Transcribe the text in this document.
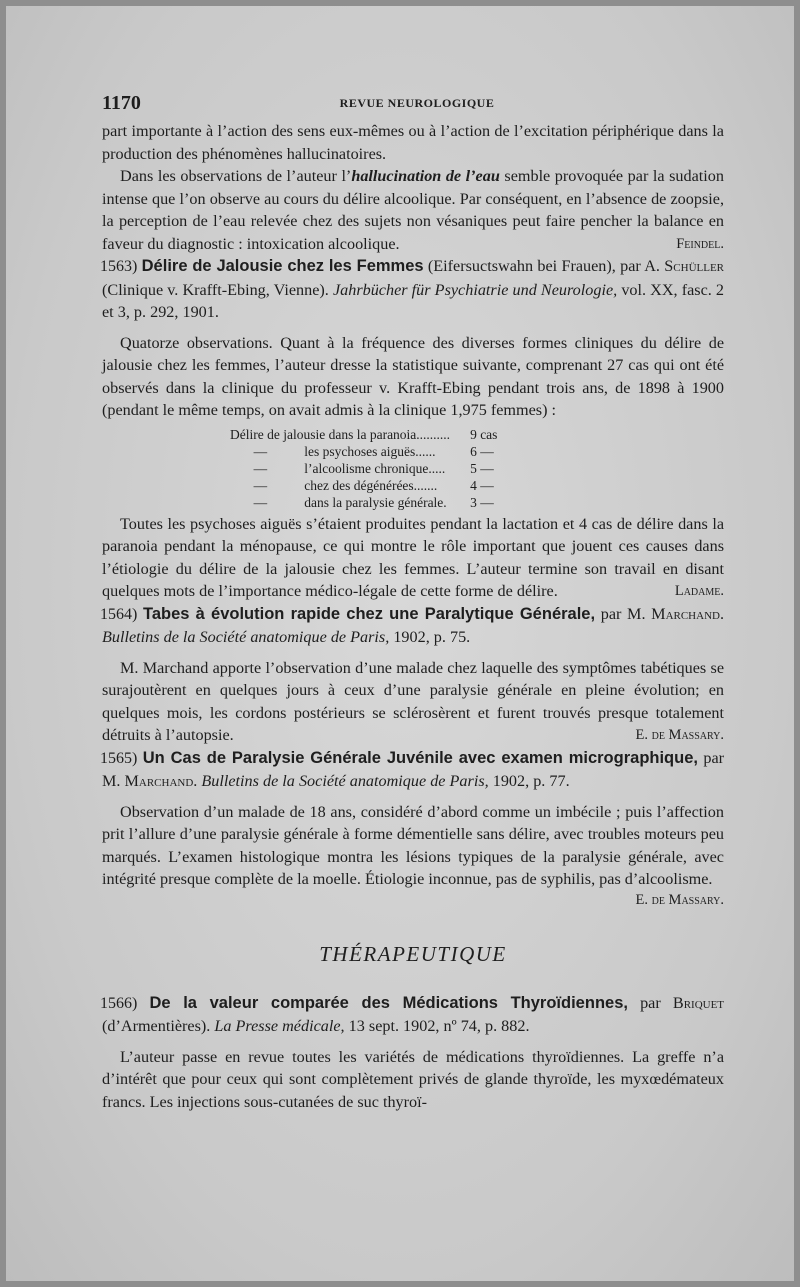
1170	REVUE NEUROLOGIQUE

part importante à l’action des sens eux-mêmes ou à l’action de l’excitation périphérique dans la production des phénomènes hallucinatoires.

Dans les observations de l’auteur l’hallucination de l’eau semble provoquée par la sudation intense que l’on observe au cours du délire alcoolique. Par conséquent, en l’absence de zoopsie, la perception de l’eau relevée chez des sujets non vésaniques peut faire pencher la balance en faveur du diagnostic : intoxication alcoolique.	Feindel.

1563) Délire de Jalousie chez les Femmes (Eifersuctswahn bei Frauen), par A. Schüller (Clinique v. Krafft-Ebing, Vienne). Jahrbücher für Psychiatrie und Neurologie, vol. XX, fasc. 2 et 3, p. 292, 1901.

Quatorze observations. Quant à la fréquence des diverses formes cliniques du délire de jalousie chez les femmes, l’auteur dresse la statistique suivante, comprenant 27 cas qui ont été observés dans la clinique du professeur v. Krafft-Ebing pendant trois ans, de 1898 à 1900 (pendant le même temps, on avait admis à la clinique 1,975 femmes) :

Délire de jalousie dans la paranoia..........	9 cas
—           les psychoses aiguës......	6 —
—           l’alcoolisme chronique.....	5 —
—           chez des dégénérées.......	4 —
—           dans la paralysie générale.	3 —

Toutes les psychoses aiguës s’étaient produites pendant la lactation et 4 cas de délire dans la paranoia pendant la ménopause, ce qui montre le rôle important que jouent ces causes dans l’étiologie du délire de la jalousie chez les femmes. L’auteur termine son travail en disant quelques mots de l’importance médico-légale de cette forme de délire.	Ladame.

1564) Tabes à évolution rapide chez une Paralytique Générale, par M. Marchand. Bulletins de la Société anatomique de Paris, 1902, p. 75.

M. Marchand apporte l’observation d’une malade chez laquelle des symptômes tabétiques se surajoutèrent en quelques jours à ceux d’une paralysie générale en pleine évolution; en quelques mois, les cordons postérieurs se sclérosèrent et furent trouvés presque totalement détruits à l’autopsie.	E. de Massary.

1565) Un Cas de Paralysie Générale Juvénile avec examen micrographique, par M. Marchand. Bulletins de la Société anatomique de Paris, 1902, p. 77.

Observation d’un malade de 18 ans, considéré d’abord comme un imbécile ; puis l’affection prit l’allure d’une paralysie générale à forme démentielle sans délire, avec troubles moteurs peu marqués. L’examen histologique montra les lésions typiques de la paralysie générale, avec intégrité presque complète de la moelle. Étiologie inconnue, pas de syphilis, pas d’alcoolisme.

E. de Massary.
THÉRAPEUTIQUE

1566) De la valeur comparée des Médications Thyroïdiennes, par Briquet (d’Armentières). La Presse médicale, 13 sept. 1902, nº 74, p. 882.

L’auteur passe en revue toutes les variétés de médications thyroïdiennes. La greffe n’a d’intérêt que pour ceux qui sont complètement privés de glande thyroïde, les myxœdémateux francs. Les injections sous-cutanées de suc thyroï-
